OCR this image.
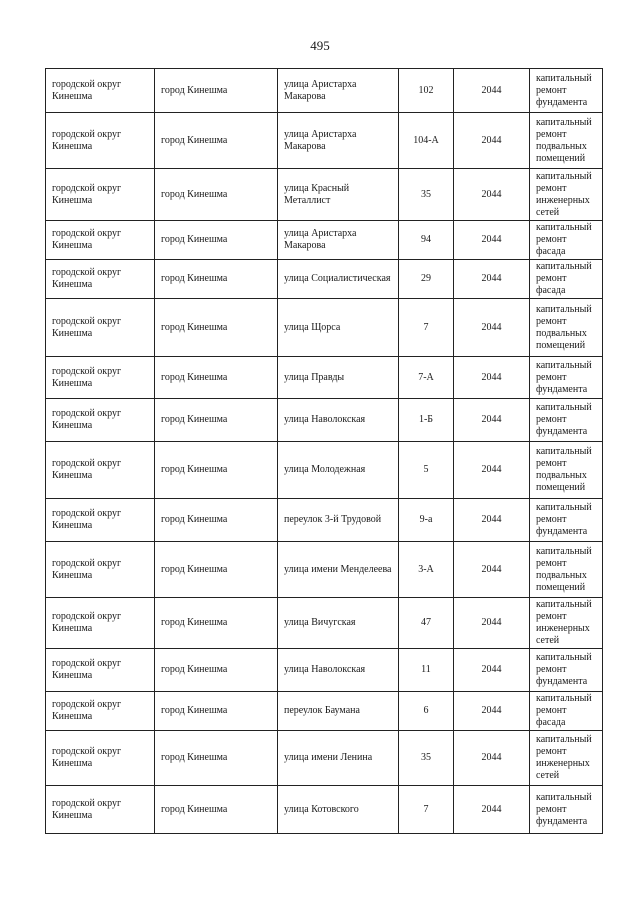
495
городской округ Кинешма	город Кинешма	улица Аристарха Макарова	102	2044	капитальный ремонт фундамента
городской округ Кинешма	город Кинешма	улица Аристарха Макарова	104-А	2044	капитальный ремонт подвальных помещений
городской округ Кинешма	город Кинешма	улица Красный Металлист	35	2044	капитальный ремонт инженерных сетей
городской округ Кинешма	город Кинешма	улица Аристарха Макарова	94	2044	капитальный ремонт фасада
городской округ Кинешма	город Кинешма	улица Социалистическая	29	2044	капитальный ремонт фасада
городской округ Кинешма	город Кинешма	улица Щорса	7	2044	капитальный ремонт подвальных помещений
городской округ Кинешма	город Кинешма	улица Правды	7-А	2044	капитальный ремонт фундамента
городской округ Кинешма	город Кинешма	улица Наволокская	1-Б	2044	капитальный ремонт фундамента
городской округ Кинешма	город Кинешма	улица Молодежная	5	2044	капитальный ремонт подвальных помещений
городской округ Кинешма	город Кинешма	переулок 3-й Трудовой	9-а	2044	капитальный ремонт фундамента
городской округ Кинешма	город Кинешма	улица имени Менделеева	3-А	2044	капитальный ремонт подвальных помещений
городской округ Кинешма	город Кинешма	улица Вичугская	47	2044	капитальный ремонт инженерных сетей
городской округ Кинешма	город Кинешма	улица Наволокская	11	2044	капитальный ремонт фундамента
городской округ Кинешма	город Кинешма	переулок Баумана	6	2044	капитальный ремонт фасада
городской округ Кинешма	город Кинешма	улица имени Ленина	35	2044	капитальный ремонт инженерных сетей
городской округ Кинешма	город Кинешма	улица Котовского	7	2044	капитальный ремонт фундамента
